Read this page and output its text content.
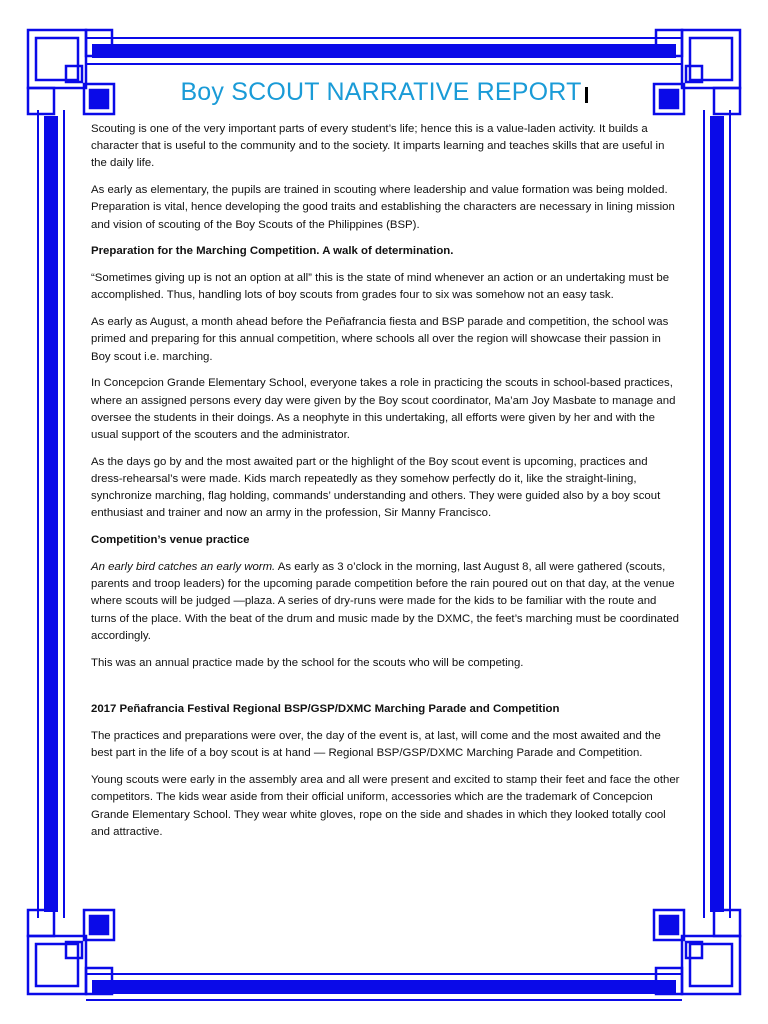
Boy SCOUT NARRATIVE REPORT

Scouting is one of the very important parts of every student’s life; hence this is a value-laden activity. It builds a character that is useful to the community and to the society. It imparts learning and teaches skills that are useful in the daily life.

As early as elementary, the pupils are trained in scouting where leadership and value formation was being molded. Preparation is vital, hence developing the good traits and establishing the characters are necessary in lining mission and vision of scouting of the Boy Scouts of the Philippines (BSP).

Preparation for the Marching Competition. A walk of determination.

“Sometimes giving up is not an option at all” this is the state of mind whenever an action or an undertaking must be accomplished. Thus, handling lots of boy scouts from grades four to six was somehow not an easy task.

As early as August, a month ahead before the Peñafrancia fiesta and BSP parade and competition, the school was primed and preparing for this annual competition, where schools all over the region will showcase their passion in Boy scout i.e. marching.

In Concepcion Grande Elementary School, everyone takes a role in practicing the scouts in school-based practices, where an assigned persons every day were given by the Boy scout coordinator, Ma’am Joy Masbate to manage and oversee the students in their doings. As a neophyte in this undertaking, all efforts were given by her and with the usual support of the scouters and the administrator.

As the days go by and the most awaited part or the highlight of the Boy scout event is upcoming, practices and dress-rehearsal’s were made. Kids march repeatedly as they somehow perfectly do it, like the straight-lining, synchronize marching, flag holding, commands’ understanding and others. They were guided also by a boy scout enthusiast and trainer and now an army in the profession, Sir Manny Francisco.

Competition’s venue practice

An early bird catches an early worm. As early as 3 o’clock in the morning, last August 8, all were gathered (scouts, parents and troop leaders) for the upcoming parade competition before the rain poured out on that day, at the venue where scouts will be judged —plaza. A series of dry-runs were made for the kids to be familiar with the route and turns of the place. With the beat of the drum and music made by the DXMC, the feet’s marching must be coordinated accordingly.

This was an annual practice made by the school for the scouts who will be competing.

2017 Peñafrancia Festival Regional BSP/GSP/DXMC Marching Parade and Competition

The practices and preparations were over, the day of the event is, at last, will come and the most awaited and the best part in the life of a boy scout is at hand — Regional BSP/GSP/DXMC Marching Parade and Competition.

Young scouts were early in the assembly area and all were present and excited to stamp their feet and face the other competitors. The kids wear aside from their official uniform, accessories which are the trademark of Concepcion Grande Elementary School. They wear white gloves, rope on the side and shades in which they looked totally cool and attractive.
